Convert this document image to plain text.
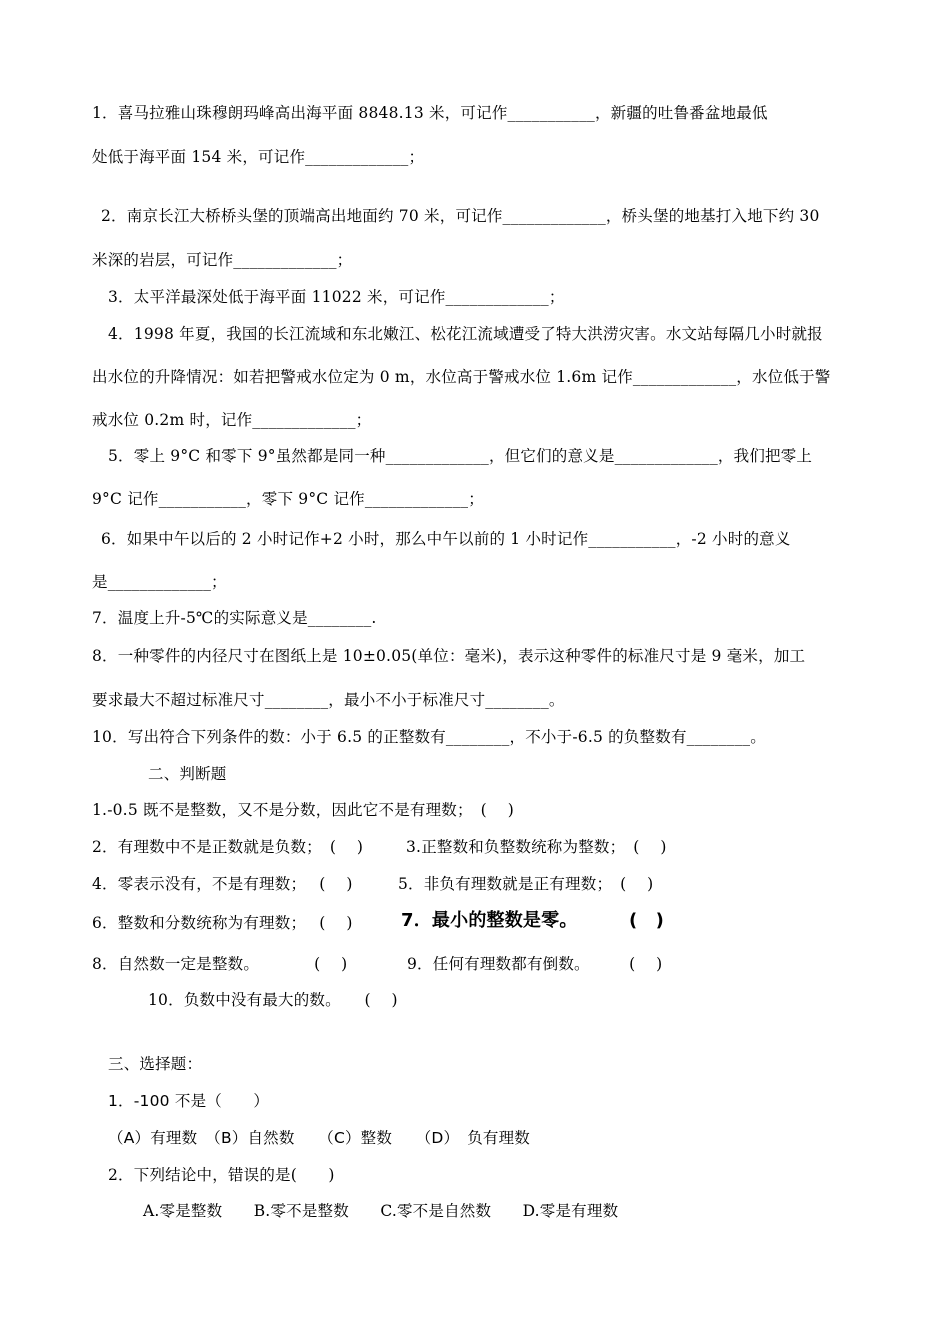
1．喜马拉雅山珠穆朗玛峰高出海平面 8848.13 米，可记作___________，新疆的吐鲁番盆地最低
处低于海平面 154 米，可记作_____________；
2．南京长江大桥桥头堡的顶端高出地面约 70 米，可记作_____________，桥头堡的地基打入地下约 30
米深的岩层，可记作_____________；
3．太平洋最深处低于海平面 11022 米，可记作_____________；
4．1998 年夏，我国的长江流域和东北嫩江、松花江流域遭受了特大洪涝灾害。水文站每隔几小时就报
出水位的升降情况：如若把警戒水位定为 0 m，水位高于警戒水位 1.6m 记作_____________，水位低于警
戒水位 0.2m 时，记作_____________；
5．零上 9°C 和零下 9°虽然都是同一种_____________，但它们的意义是_____________，我们把零上
9°C 记作___________，零下 9°C 记作_____________；
6．如果中午以后的 2 小时记作+2 小时，那么中午以前的 1 小时记作___________，-2 小时的意义
是_____________；
7．温度上升-5℃的实际意义是________.
8．一种零件的内径尺寸在图纸上是 10±0.05(单位：毫米)，表示这种零件的标准尺寸是 9 毫米，加工
要求最大不超过标准尺寸________，最小不小于标准尺寸________。
10．写出符合下列条件的数：小于 6.5 的正整数有________，不小于-6.5 的负整数有________。
二、判断题
1.-0.5 既不是整数，又不是分数，因此它不是有理数；　(　 )
2．有理数中不是正数就是负数；　(　 )	3.正整数和负整数统称为整数；　(　 )
4．零表示没有，不是有理数；　 (　 )	5．非负有理数就是正有理数；　(　 )
6．整数和分数统称为有理数；　 (　 )	7．最小的整数是零。	(　)
8．自然数一定是整数。　　　　(　 )	9．任何有理数都有倒数。　　　(　 )
10．负数中没有最大的数。　　(　 )
三、选择题：
1．-100 不是（　　）
（A）有理数　（B）自然数　　（C）整数　　（D）　负有理数
2．下列结论中，错误的是(　　)
A.零是整数　　B.零不是整数　　C.零不是自然数　　D.零是有理数
